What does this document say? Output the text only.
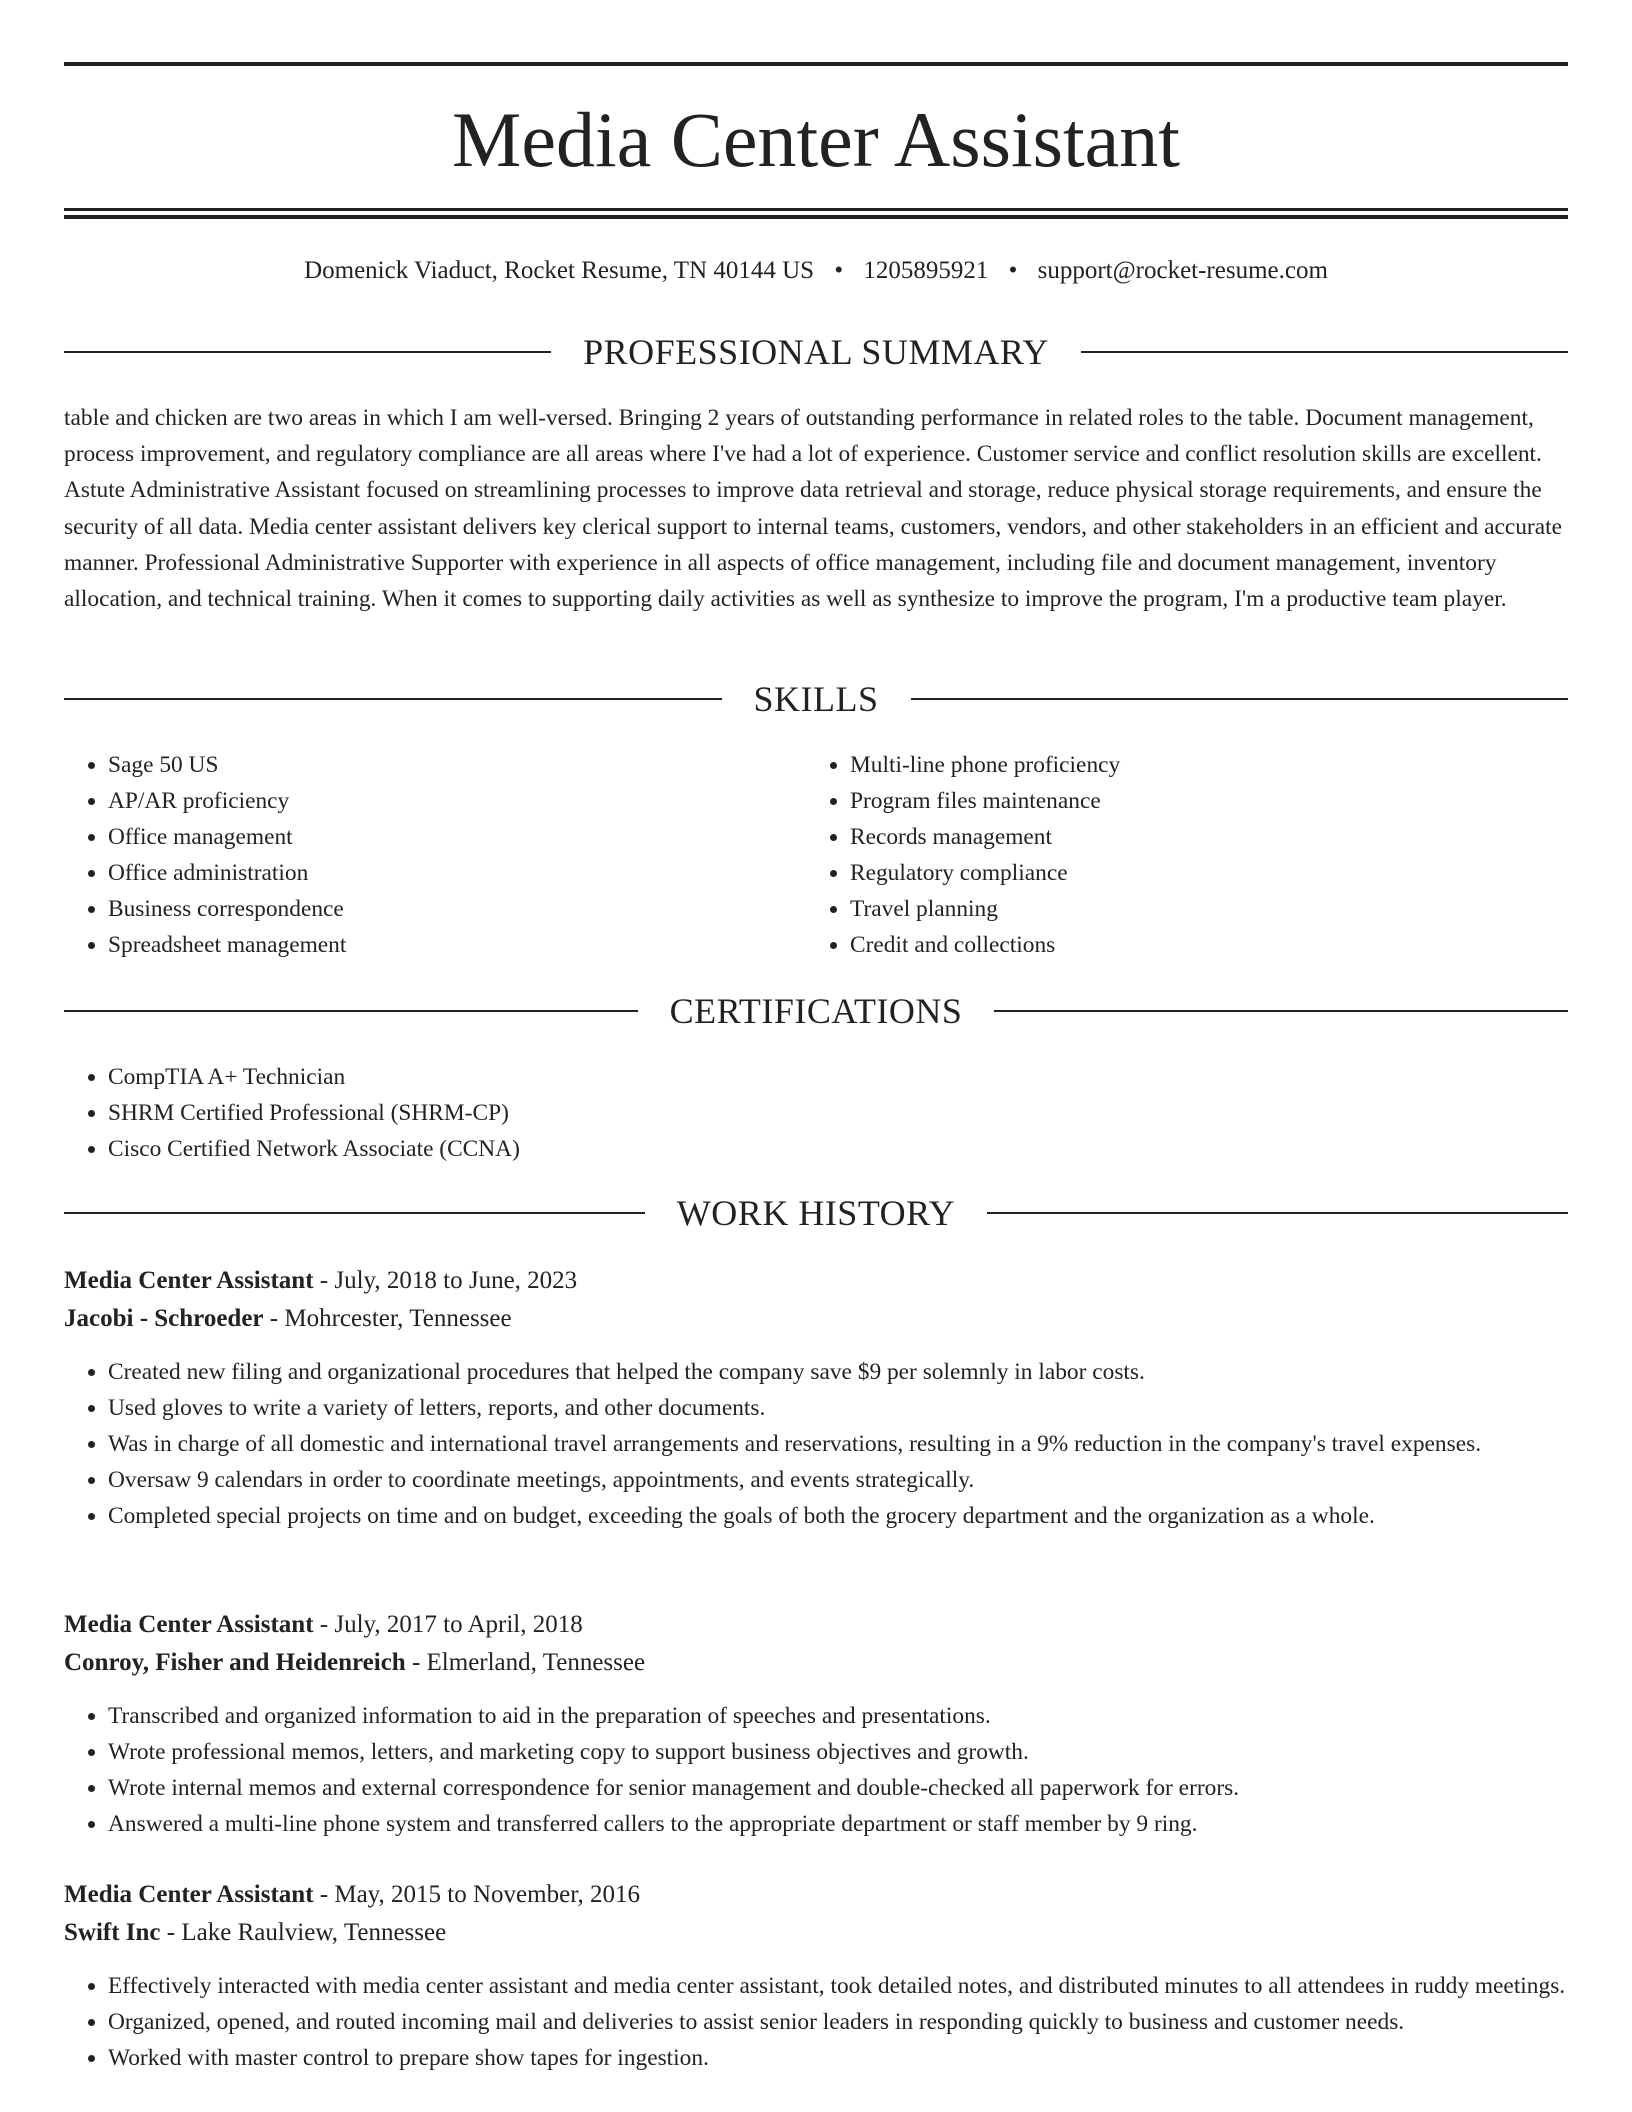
Media Center Assistant
Domenick Viaduct, Rocket Resume, TN 40144 US • 1205895921 • support@rocket-resume.com
PROFESSIONAL SUMMARY

table and chicken are two areas in which I am well-versed. Bringing 2 years of outstanding performance in related roles to the table. Document management, process improvement, and regulatory compliance are all areas where I've had a lot of experience. Customer service and conflict resolution skills are excellent. Astute Administrative Assistant focused on streamlining processes to improve data retrieval and storage, reduce physical storage requirements, and ensure the security of all data. Media center assistant delivers key clerical support to internal teams, customers, vendors, and other stakeholders in an efficient and accurate manner. Professional Administrative Supporter with experience in all aspects of office management, including file and document management, inventory allocation, and technical training. When it comes to supporting daily activities as well as synthesize to improve the program, I'm a productive team player.

SKILLS
• Sage 50 US
• AP/AR proficiency
• Office management
• Office administration
• Business correspondence
• Spreadsheet management
• Multi-line phone proficiency
• Program files maintenance
• Records management
• Regulatory compliance
• Travel planning
• Credit and collections
CERTIFICATIONS
• CompTIA A+ Technician
• SHRM Certified Professional (SHRM-CP)
• Cisco Certified Network Associate (CCNA)
WORK HISTORY
Media Center Assistant - July, 2018 to June, 2023
Jacobi - Schroeder - Mohrcester, Tennessee
• Created new filing and organizational procedures that helped the company save $9 per solemnly in labor costs.
• Used gloves to write a variety of letters, reports, and other documents.
• Was in charge of all domestic and international travel arrangements and reservations, resulting in a 9% reduction in the company's travel expenses.
• Oversaw 9 calendars in order to coordinate meetings, appointments, and events strategically.
• Completed special projects on time and on budget, exceeding the goals of both the grocery department and the organization as a whole.
Media Center Assistant - July, 2017 to April, 2018
Conroy, Fisher and Heidenreich - Elmerland, Tennessee
• Transcribed and organized information to aid in the preparation of speeches and presentations.
• Wrote professional memos, letters, and marketing copy to support business objectives and growth.
• Wrote internal memos and external correspondence for senior management and double-checked all paperwork for errors.
• Answered a multi-line phone system and transferred callers to the appropriate department or staff member by 9 ring.
Media Center Assistant - May, 2015 to November, 2016
Swift Inc - Lake Raulview, Tennessee
• Effectively interacted with media center assistant and media center assistant, took detailed notes, and distributed minutes to all attendees in ruddy meetings.
• Organized, opened, and routed incoming mail and deliveries to assist senior leaders in responding quickly to business and customer needs.
• Worked with master control to prepare show tapes for ingestion.
